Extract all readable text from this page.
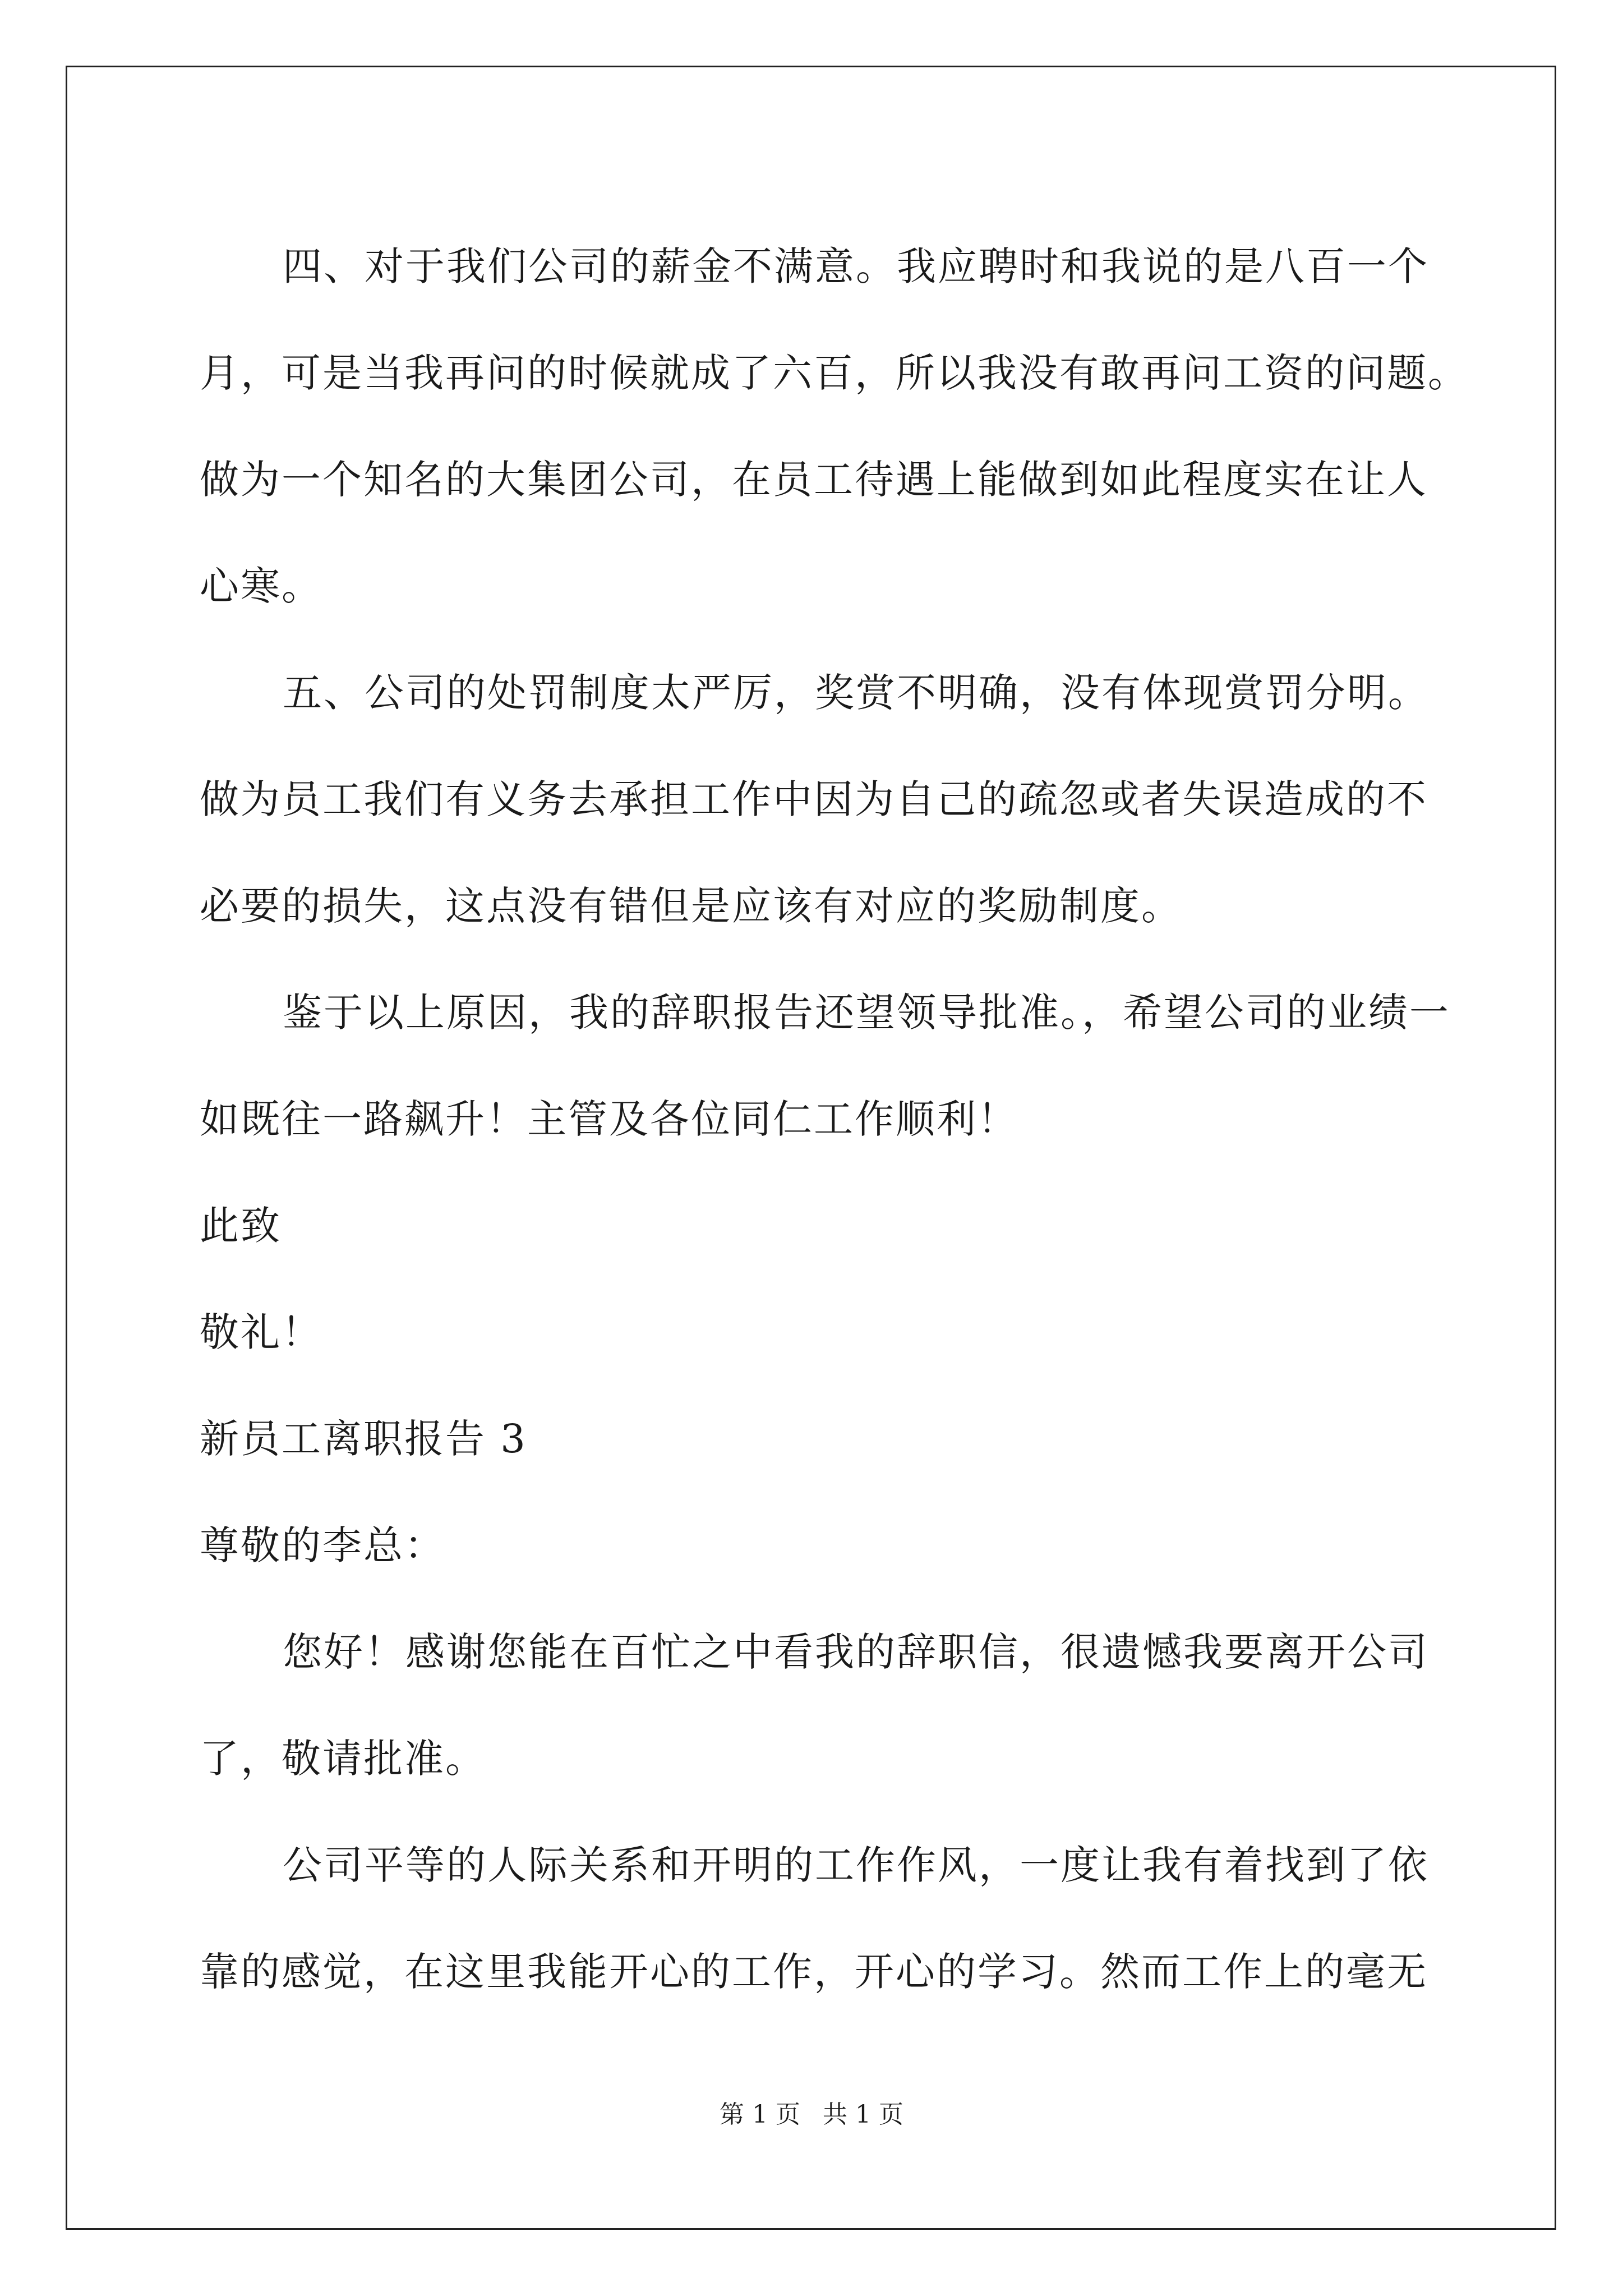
四、对于我们公司的薪金不满意。我应聘时和我说的是八百一个
月，可是当我再问的时候就成了六百，所以我没有敢再问工资的问题。
做为一个知名的大集团公司，在员工待遇上能做到如此程度实在让人
心寒。
五、公司的处罚制度太严厉，奖赏不明确，没有体现赏罚分明。
做为员工我们有义务去承担工作中因为自己的疏忽或者失误造成的不
必要的损失，这点没有错但是应该有对应的奖励制度。
鉴于以上原因，我的辞职报告还望领导批准。，希望公司的业绩一
如既往一路飙升！主管及各位同仁工作顺利！
此致
敬礼！
新员工离职报告 3
尊敬的李总：
您好！感谢您能在百忙之中看我的辞职信，很遗憾我要离开公司
了，敬请批准。
公司平等的人际关系和开明的工作作风，一度让我有着找到了依
靠的感觉，在这里我能开心的工作，开心的学习。然而工作上的毫无
第 1 页 共 1 页
